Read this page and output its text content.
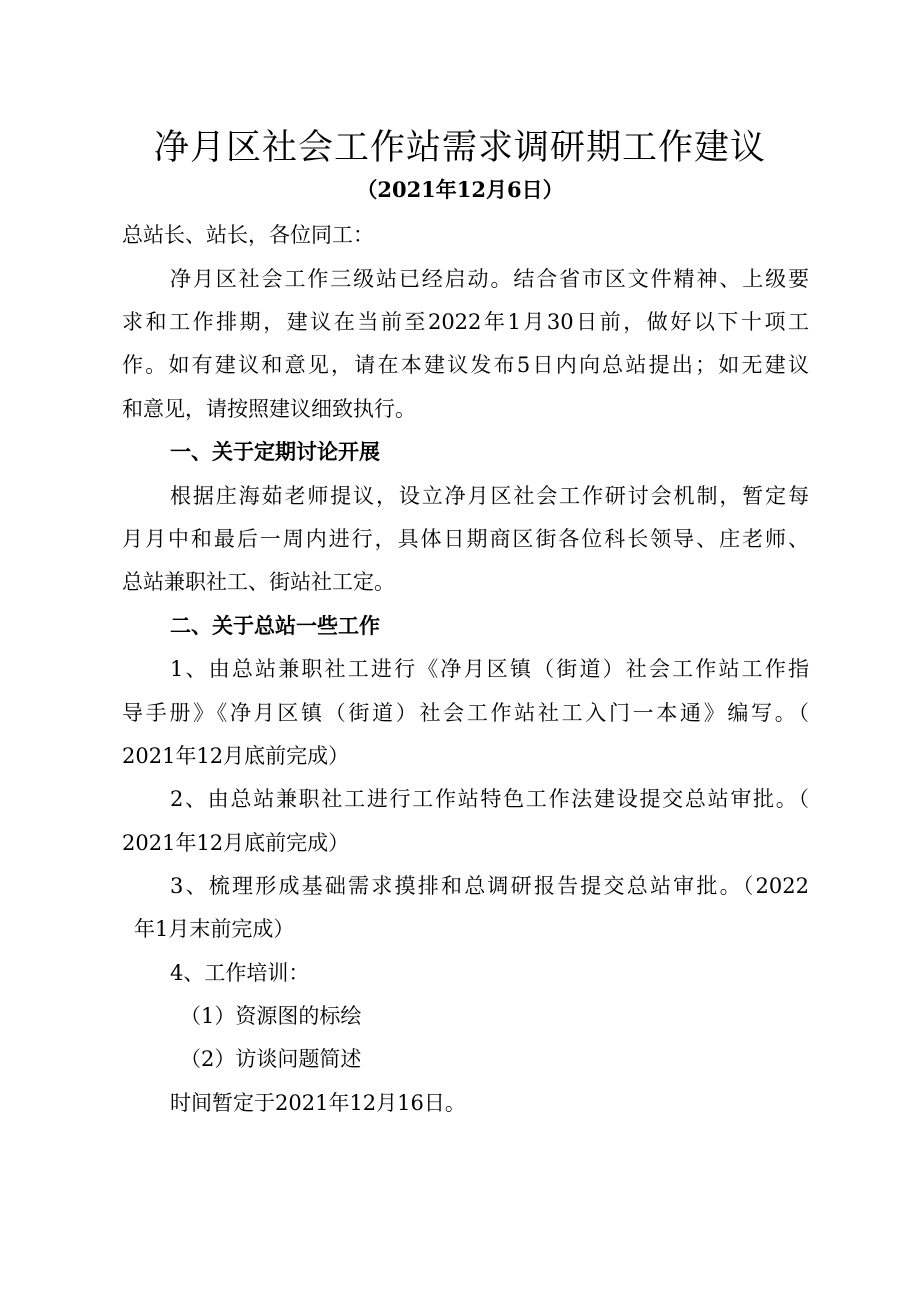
净月区社会工作站需求调研期工作建议
（2021年12月6日）
总站长、站长，各位同工：
净月区社会工作三级站已经启动。结合省市区文件精神、上级要
求和工作排期，建议在当前至2022年1月30日前，做好以下十项工
作。如有建议和意见，请在本建议发布5日内向总站提出；如无建议
和意见，请按照建议细致执行。
一、关于定期讨论开展
根据庄海茹老师提议，设立净月区社会工作研讨会机制，暂定每
月月中和最后一周内进行，具体日期商区街各位科长领导、庄老师、
总站兼职社工、街站社工定。
二、关于总站一些工作
1、由总站兼职社工进行《净月区镇（街道）社会工作站工作指
导手册》《净月区镇（街道）社会工作站社工入门一本通》编写。（
2021年12月底前完成）
2、由总站兼职社工进行工作站特色工作法建设提交总站审批。（
2021年12月底前完成）
3、梳理形成基础需求摸排和总调研报告提交总站审批。（2022
年1月末前完成）
4、工作培训：
（1）资源图的标绘
（2）访谈问题简述
时间暂定于2021年12月16日。
